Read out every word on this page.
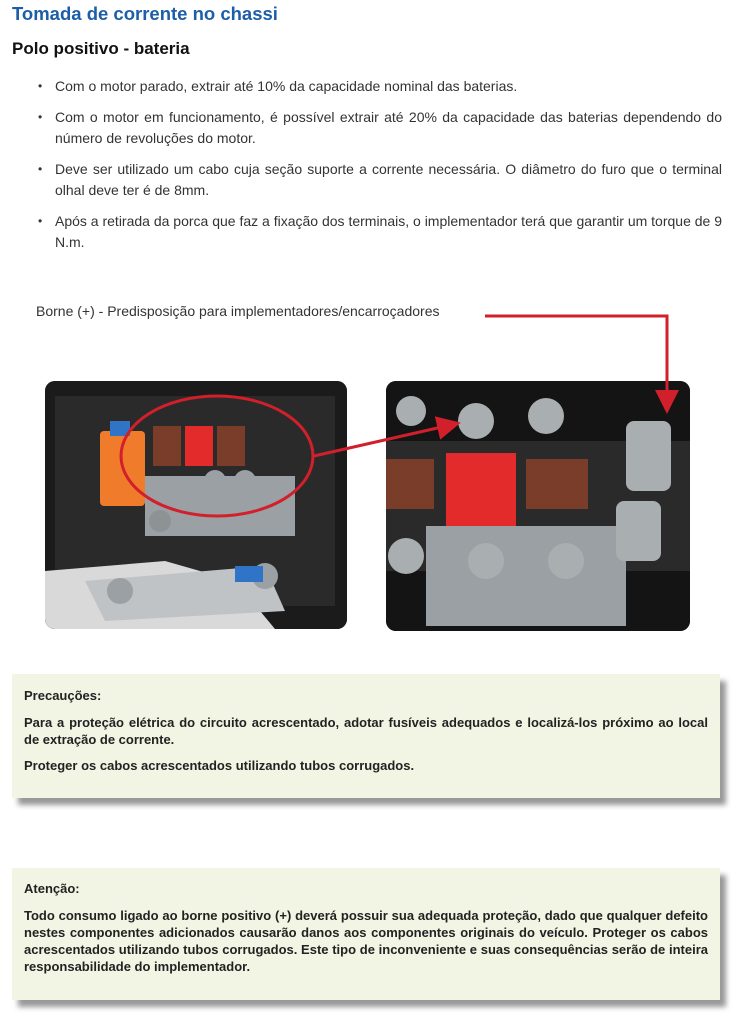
Tomada de corrente no chassi
Polo positivo - bateria
• Com o motor parado, extrair até 10% da capacidade nominal das baterias.
• Com o motor em funcionamento, é possível extrair até 20% da capacidade das baterias dependendo do número de revoluções do motor.
• Deve ser utilizado um cabo cuja seção suporte a corrente necessária. O diâmetro do furo que o terminal olhal deve ter é de 8mm.
• Após a retirada da porca que faz a fixação dos terminais, o implementador terá que garantir um torque de 9 N.m.
Borne (+) - Predisposição para implementadores/encarroçadores

Precauções:

Para a proteção elétrica do circuito acrescentado, adotar fusíveis adequados e localizá-los próximo ao local de extração de corrente.

Proteger os cabos acrescentados utilizando tubos corrugados.

Atenção:

Todo consumo ligado ao borne positivo (+) deverá possuir sua adequada proteção, dado que qualquer defeito nestes componentes adicionados causarão danos aos componentes originais do veículo. Proteger os cabos acrescentados utilizando tubos corrugados. Este tipo de inconveniente e suas consequências serão de inteira responsabilidade do implementador.
